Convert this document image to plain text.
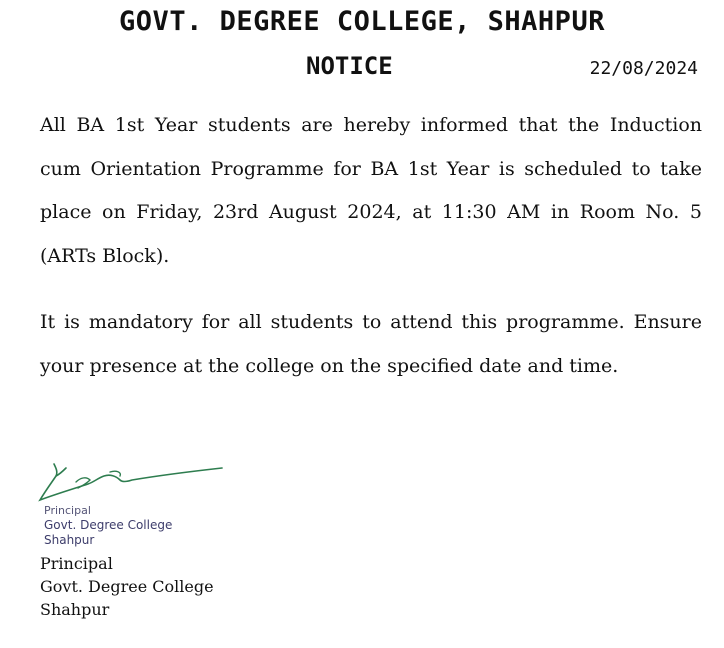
GOVT. DEGREE COLLEGE, SHAHPUR
NOTICE	22/08/2024

All BA 1st Year students are hereby informed that the Induction cum Orientation Programme for BA 1st Year is scheduled to take place on Friday, 23rd August 2024, at 11:30 AM in Room No. 5 (ARTs Block).

It is mandatory for all students to attend this programme. Ensure your presence at the college on the specified date and time.

Principal
Govt. Degree College
Shahpur
Principal
Govt. Degree College
Shahpur
